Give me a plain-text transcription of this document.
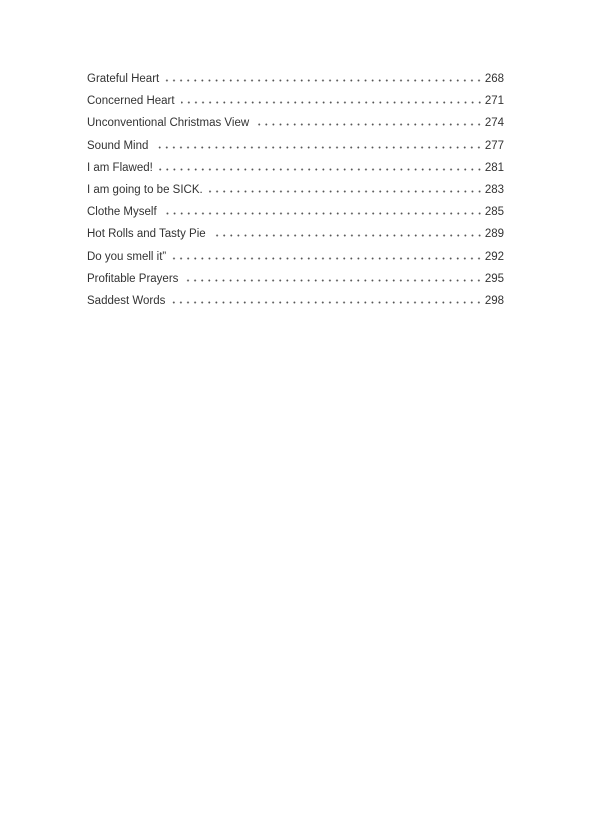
Grateful Heart	268
Concerned Heart	271
Unconventional Christmas View	274
Sound Mind	277
I am Flawed!	281
I am going to be SICK.	283
Clothe Myself	285
Hot Rolls and Tasty Pie	289
Do you smell it”	292
Profitable Prayers	295
Saddest Words	298
